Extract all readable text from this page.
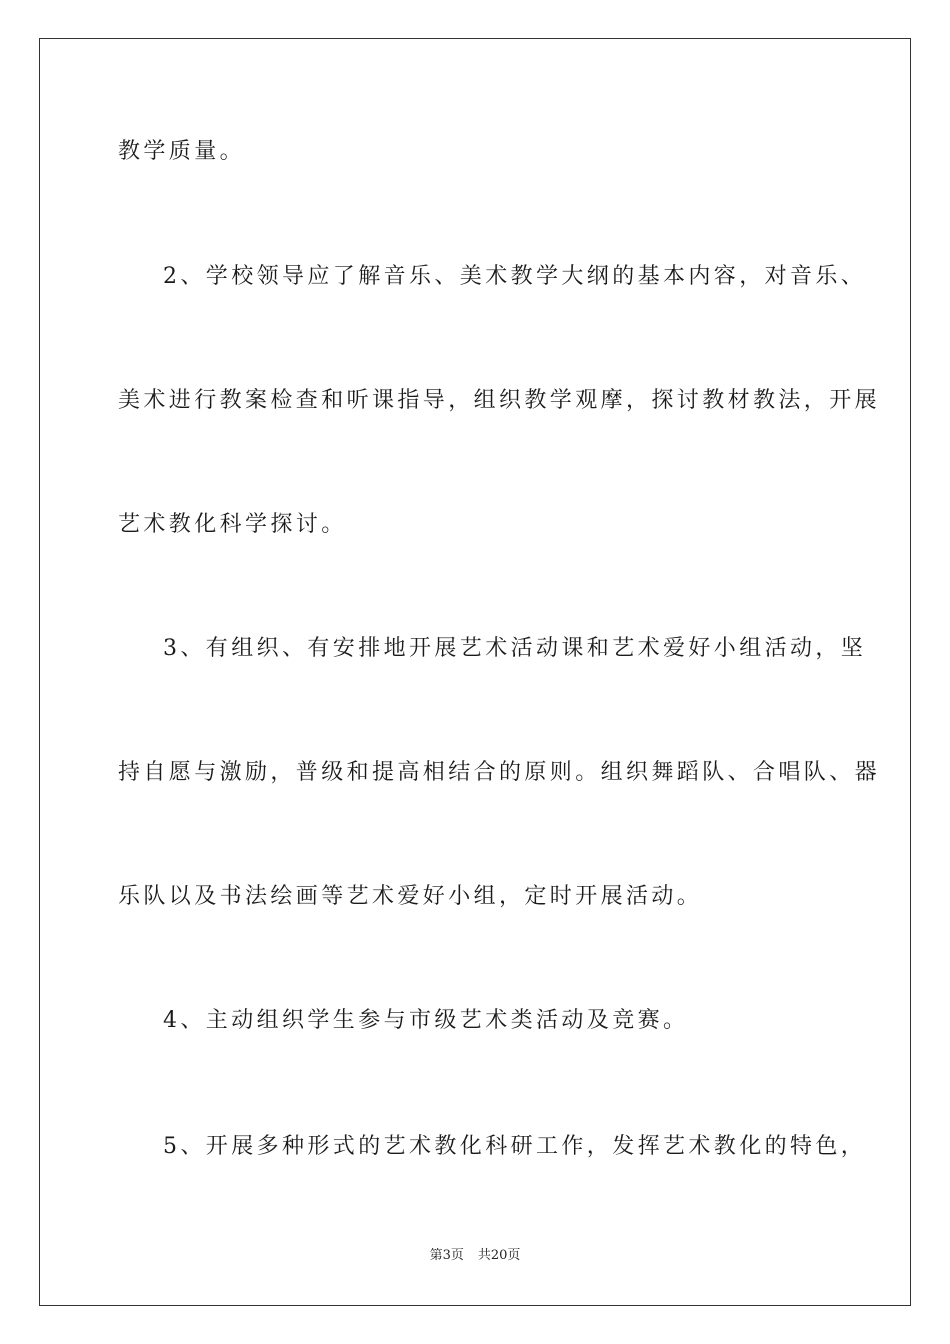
教学质量。
2、学校领导应了解音乐、美术教学大纲的基本内容，对音乐、
美术进行教案检查和听课指导，组织教学观摩，探讨教材教法，开展
艺术教化科学探讨。
3、有组织、有安排地开展艺术活动课和艺术爱好小组活动，坚
持自愿与激励，普级和提高相结合的原则。组织舞蹈队、合唱队、器
乐队以及书法绘画等艺术爱好小组，定时开展活动。
4、主动组织学生参与市级艺术类活动及竞赛。
5、开展多种形式的艺术教化科研工作，发挥艺术教化的特色，
第3页 共20页
